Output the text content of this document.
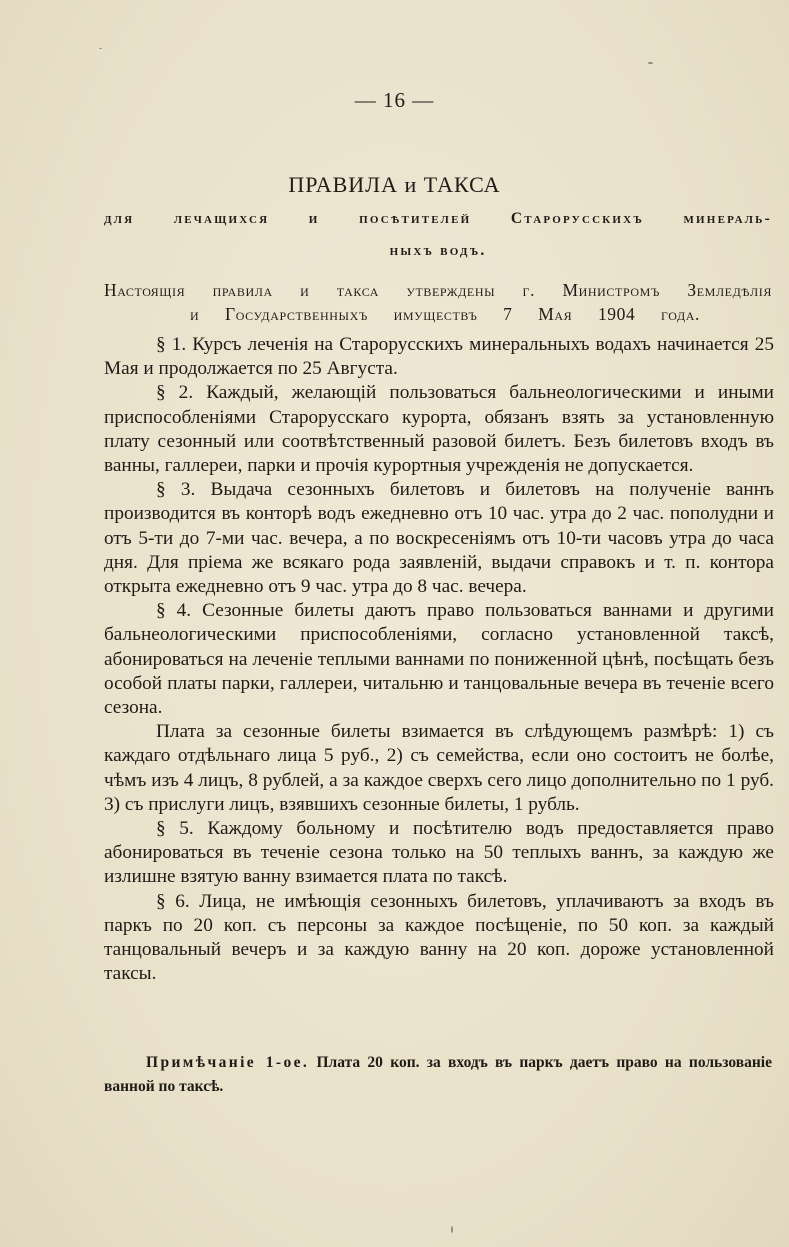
— 16 —
ПРАВИЛА и ТАКСА
для лечащихся и посѣтителей Старорусскихъ минераль-
ныхъ водъ.
Настоящія правила и такса утверждены г. Министромъ Земледѣлія
и Государственныхъ имуществъ 7 Мая 1904 года.

§ 1. Курсъ леченія на Старорусскихъ минеральныхъ водахъ начинается 25 Мая и продолжается по 25 Августа.

§ 2. Каждый, желающій пользоваться бальнеологическими и иными приспособленіями Старорусскаго курорта, обязанъ взять за установленную плату сезонный или соотвѣтственный разовой билетъ. Безъ билетовъ входъ въ ванны, галлереи, парки и прочія курортныя учрежденія не допускается.

§ 3. Выдача сезонныхъ билетовъ и билетовъ на полученіе ваннъ производится въ конторѣ водъ ежедневно отъ 10 час. утра до 2 час. пополудни и отъ 5-ти до 7-ми час. вечера, а по воскресеніямъ отъ 10-ти часовъ утра до часа дня. Для пріема же всякаго рода заявленій, выдачи справокъ и т. п. контора открыта ежедневно отъ 9 час. утра до 8 час. вечера.

§ 4. Сезонные билеты даютъ право пользоваться ваннами и другими бальнеологическими приспособленіями, согласно установленной таксѣ, абонироваться на леченіе теплыми ваннами по пониженной цѣнѣ, посѣщать безъ особой платы парки, галлереи, читальню и танцовальные вечера въ теченіе всего сезона.

Плата за сезонные билеты взимается въ слѣдующемъ размѣрѣ: 1) съ каждаго отдѣльнаго лица 5 руб., 2) съ семейства, если оно состоитъ не болѣе, чѣмъ изъ 4 лицъ, 8 рублей, а за каждое сверхъ сего лицо дополнительно по 1 руб. 3) съ прислуги лицъ, взявшихъ сезонные билеты, 1 рубль.

§ 5. Каждому больному и посѣтителю водъ предоставляется право абонироваться въ теченіе сезона только на 50 теплыхъ ваннъ, за каждую же излишне взятую ванну взимается плата по таксѣ.

§ 6. Лица, не имѣющія сезонныхъ билетовъ, уплачиваютъ за входъ въ паркъ по 20 коп. съ персоны за каждое посѣщеніе, по 50 коп. за каждый танцовальный вечеръ и за каждую ванну на 20 коп. дороже установленной таксы.

Примѣчаніе 1-ое. Плата 20 коп. за входъ въ паркъ даетъ право на пользованіе ванной по таксѣ.
